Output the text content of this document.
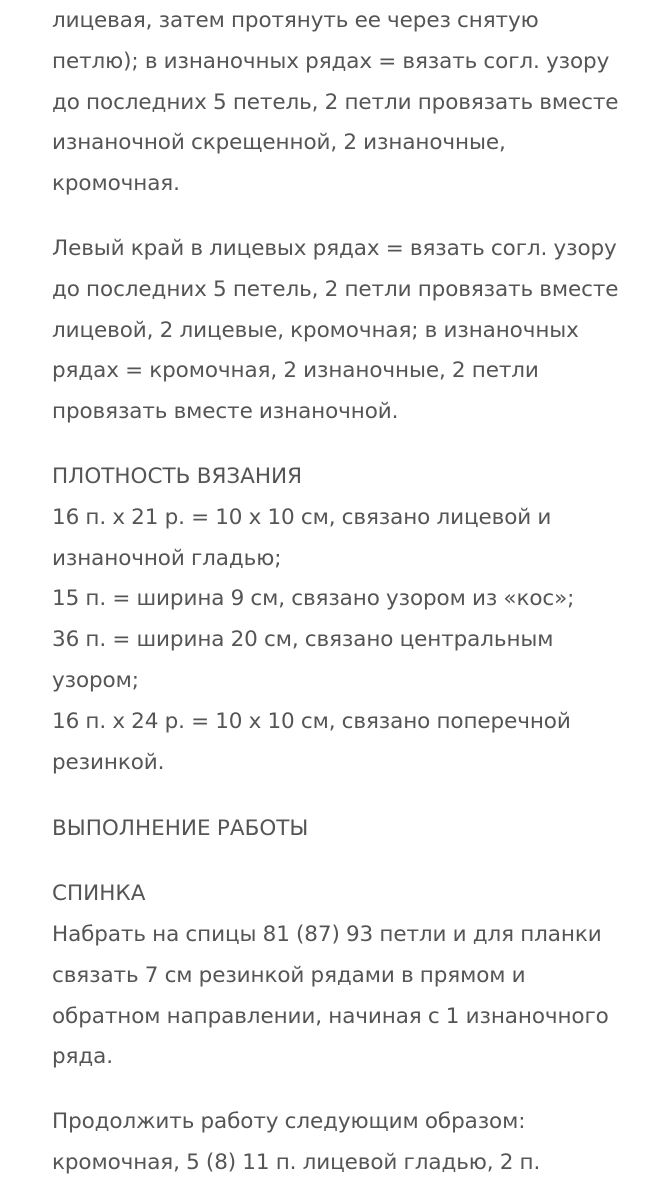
лицевая, затем протянуть ее через снятую
петлю); в изнаночных рядах = вязать согл. узору
до последних 5 петель, 2 петли провязать вместе
изнаночной скрещенной, 2 изнаночные,
кромочная.
Левый край в лицевых рядах = вязать согл. узору
до последних 5 петель, 2 петли провязать вместе
лицевой, 2 лицевые, кромочная; в изнаночных
рядах = кромочная, 2 изнаночные, 2 петли
провязать вместе изнаночной.
ПЛОТНОСТЬ ВЯЗАНИЯ
16 п. х 21 р. = 10 х 10 см, связано лицевой и
изнаночной гладью;
15 п. = ширина 9 см, связано узором из «кос»;
36 п. = ширина 20 см, связано центральным
узором;
16 п. х 24 р. = 10 х 10 см, связано поперечной
резинкой.
ВЫПОЛНЕНИЕ РАБОТЫ
СПИНКА
Набрать на спицы 81 (87) 93 петли и для планки
связать 7 см резинкой рядами в прямом и
обратном направлении, начиная с 1 изнаночного
ряда.
Продолжить работу следующим образом:
кромочная, 5 (8) 11 п. лицевой гладью, 2 п.
